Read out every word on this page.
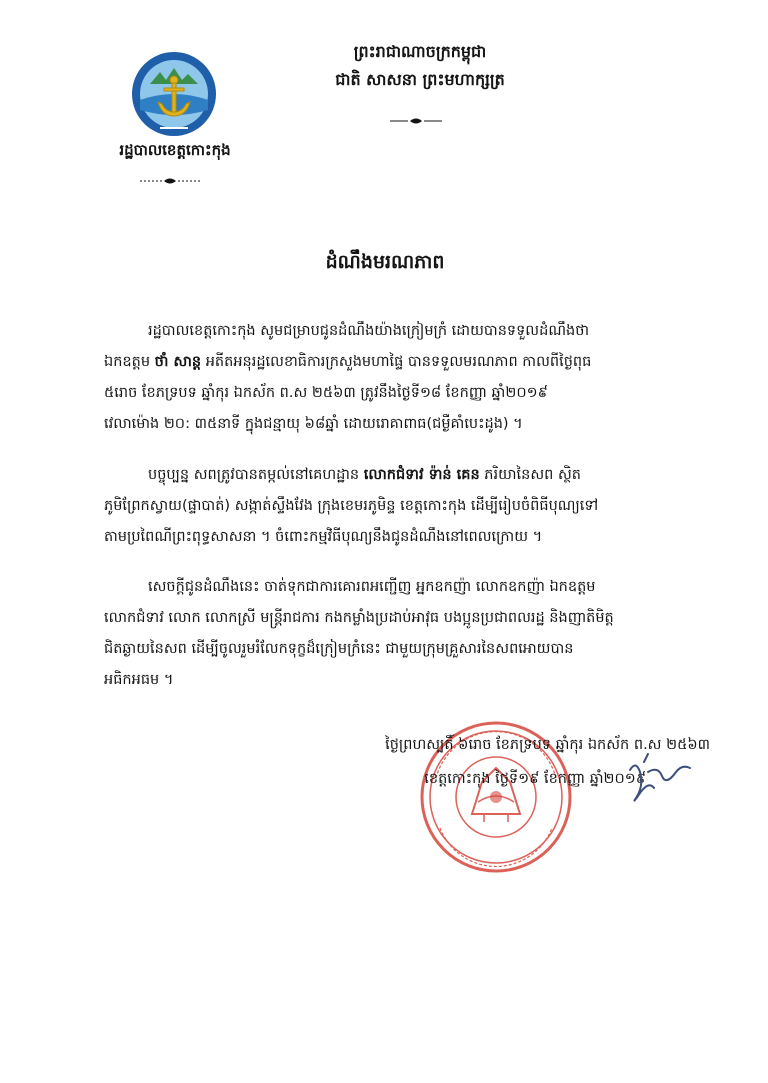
រដ្ឋបាលខេត្តកោះកុង
ព្រះរាជាណាចក្រកម្ពុជា
ជាតិ សាសនា ព្រះមហាក្សត្រ
ដំណឹងមរណភាព
រដ្ឋបាលខេត្តកោះកុង សូមជម្រាបជូនដំណឹងយ៉ាងក្រៀមក្រំ ដោយបានទទួលដំណឹងថា
ឯកឧត្តម ថាំ សាន្ត អតីតអនុរដ្ឋលេខាធិការក្រសួងមហាផ្ទៃ បានទទួលមរណភាព កាលពីថ្ងៃពុធ
៥រោច ខែភទ្របទ ឆ្នាំកុរ ឯកស័ក ព.ស ២៥៦៣ ត្រូវនឹងថ្ងៃទី១៨ ខែកញ្ញា ឆ្នាំ២០១៩
វេលាម៉ោង ២០: ៣៥នាទី ក្នុងជន្មាយុ ៦៨ឆ្នាំ ដោយរោគាពាធ(ជម្ងឺគាំបេះដូង) ។
បច្ចុប្បន្ន សពត្រូវបានតម្កល់នៅគេហដ្ឋាន លោកជំទាវ ទ៉ាន់ គេន ភរិយានៃសព ស្ថិត
ភូមិព្រែកស្វាយ(ផ្ទាបាត់) សង្កាត់ស្ទឹងវែង ក្រុងខេមរភូមិន្ទ ខេត្តកោះកុង ដើម្បីរៀបចំពិធីបុណ្យទៅ
តាមប្រពៃណីព្រះពុទ្ធសាសនា ។ ចំពោះកម្មវិធីបុណ្យនឹងជូនដំណឹងនៅពេលក្រោយ ។
សេចក្ដីជូនដំណឹងនេះ ចាត់ទុកជាការគោរពអញ្ជើញ អ្នកឧកញ៉ា លោកឧកញ៉ា ឯកឧត្តម
លោកជំទាវ លោក លោកស្រី មន្ត្រីរាជការ កងកម្លាំងប្រដាប់អាវុធ បងប្អូនប្រជាពលរដ្ឋ និងញាតិមិត្ត
ជិតឆ្ងាយនៃសព ដើម្បីចូលរួមរំលែកទុក្ខដ៏ក្រៀមក្រំនេះ ជាមួយក្រុមគ្រួសារនៃសពអោយបាន
អធិកអធម ។
ថ្ងៃព្រហស្បតិ៍ ៦រោច ខែភទ្របទ ឆ្នាំកុរ ឯកស័ក ព.ស ២៥៦៣
ខេត្តកោះកុង ថ្ងៃទី១៩ ខែកញ្ញា ឆ្នាំ២០១៩
